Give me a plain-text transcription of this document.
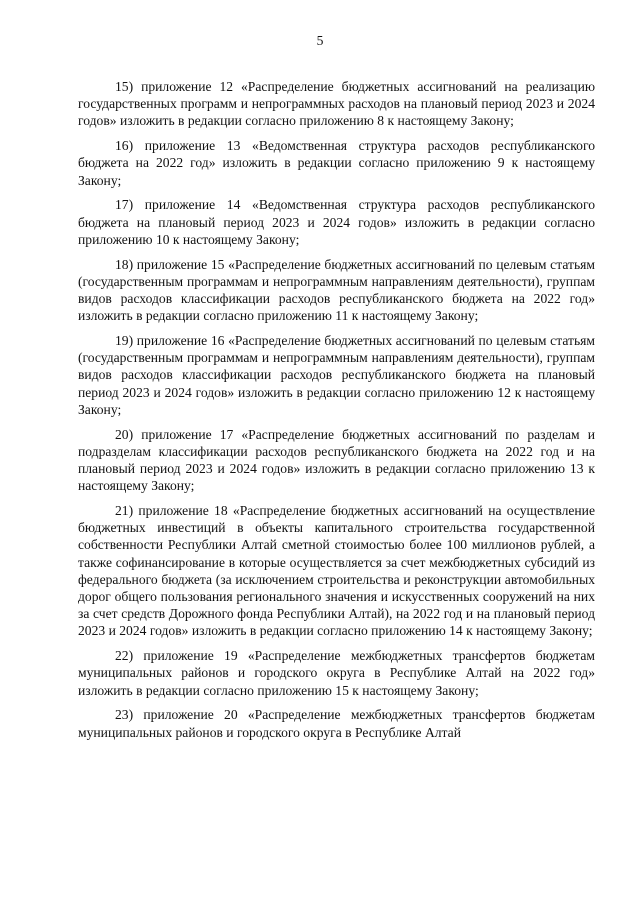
5

15) приложение 12 «Распределение бюджетных ассигнований на реализацию государственных программ и непрограммных расходов на плановый период 2023 и 2024 годов» изложить в редакции согласно приложению 8 к настоящему Закону;

16) приложение 13 «Ведомственная структура расходов республиканского бюджета на 2022 год» изложить в редакции согласно приложению 9 к настоящему Закону;

17) приложение 14 «Ведомственная структура расходов республиканского бюджета на плановый период 2023 и 2024 годов» изложить в редакции согласно приложению 10 к настоящему Закону;

18) приложение 15 «Распределение бюджетных ассигнований по целевым статьям (государственным программам и непрограммным направлениям деятельности), группам видов расходов классификации расходов республиканского бюджета на 2022 год» изложить в редакции согласно приложению 11 к настоящему Закону;

19) приложение 16 «Распределение бюджетных ассигнований по целевым статьям (государственным программам и непрограммным направлениям деятельности), группам видов расходов классификации расходов республиканского бюджета на плановый период 2023 и 2024 годов» изложить в редакции согласно приложению 12 к настоящему Закону;

20) приложение 17 «Распределение бюджетных ассигнований по разделам и подразделам классификации расходов республиканского бюджета на 2022 год и на плановый период 2023 и 2024 годов» изложить в редакции согласно приложению 13 к настоящему Закону;

21) приложение 18 «Распределение бюджетных ассигнований на осуществление бюджетных инвестиций в объекты капитального строительства государственной собственности Республики Алтай сметной стоимостью более 100 миллионов рублей, а также софинансирование в которые осуществляется за счет межбюджетных субсидий из федерального бюджета (за исключением строительства и реконструкции автомобильных дорог общего пользования регионального значения и искусственных сооружений на них за счет средств Дорожного фонда Республики Алтай), на 2022 год и на плановый период 2023 и 2024 годов» изложить в редакции согласно приложению 14 к настоящему Закону;

22) приложение 19 «Распределение межбюджетных трансфертов бюджетам муниципальных районов и городского округа в Республике Алтай на 2022 год» изложить в редакции согласно приложению 15 к настоящему Закону;

23) приложение 20 «Распределение межбюджетных трансфертов бюджетам муниципальных районов и городского округа в Республике Алтай
